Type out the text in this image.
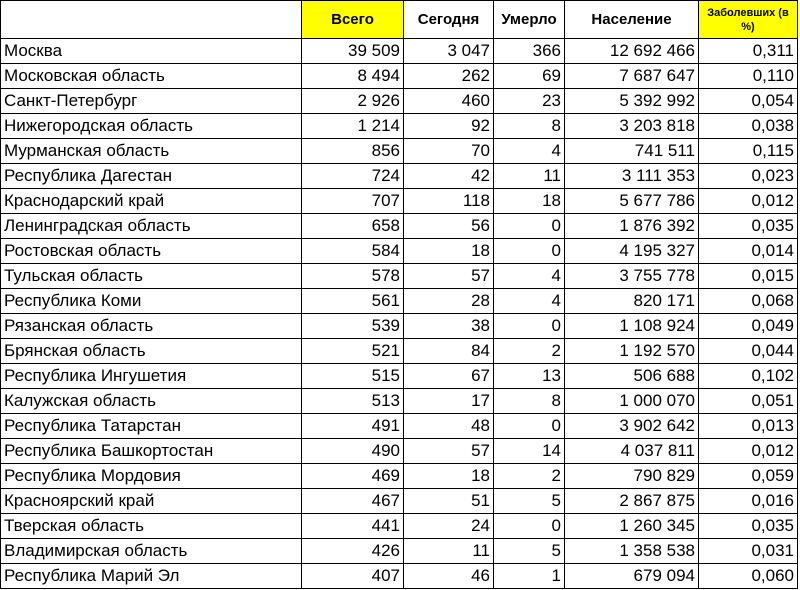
	Всего	Сегодня	Умерло	Население	Заболевших (в %)
Москва	39 509	3 047	366	12 692 466	0,311
Московская область	8 494	262	69	7 687 647	0,110
Санкт-Петербург	2 926	460	23	5 392 992	0,054
Нижегородская область	1 214	92	8	3 203 818	0,038
Мурманская область	856	70	4	741 511	0,115
Республика Дагестан	724	42	11	3 111 353	0,023
Краснодарский край	707	118	18	5 677 786	0,012
Ленинградская область	658	56	0	1 876 392	0,035
Ростовская область	584	18	0	4 195 327	0,014
Тульская область	578	57	4	3 755 778	0,015
Республика Коми	561	28	4	820 171	0,068
Рязанская область	539	38	0	1 108 924	0,049
Брянская область	521	84	2	1 192 570	0,044
Республика Ингушетия	515	67	13	506 688	0,102
Калужская область	513	17	8	1 000 070	0,051
Республика Татарстан	491	48	0	3 902 642	0,013
Республика Башкортостан	490	57	14	4 037 811	0,012
Республика Мордовия	469	18	2	790 829	0,059
Красноярский край	467	51	5	2 867 875	0,016
Тверская область	441	24	0	1 260 345	0,035
Владимирская область	426	11	5	1 358 538	0,031
Республика Марий Эл	407	46	1	679 094	0,060
